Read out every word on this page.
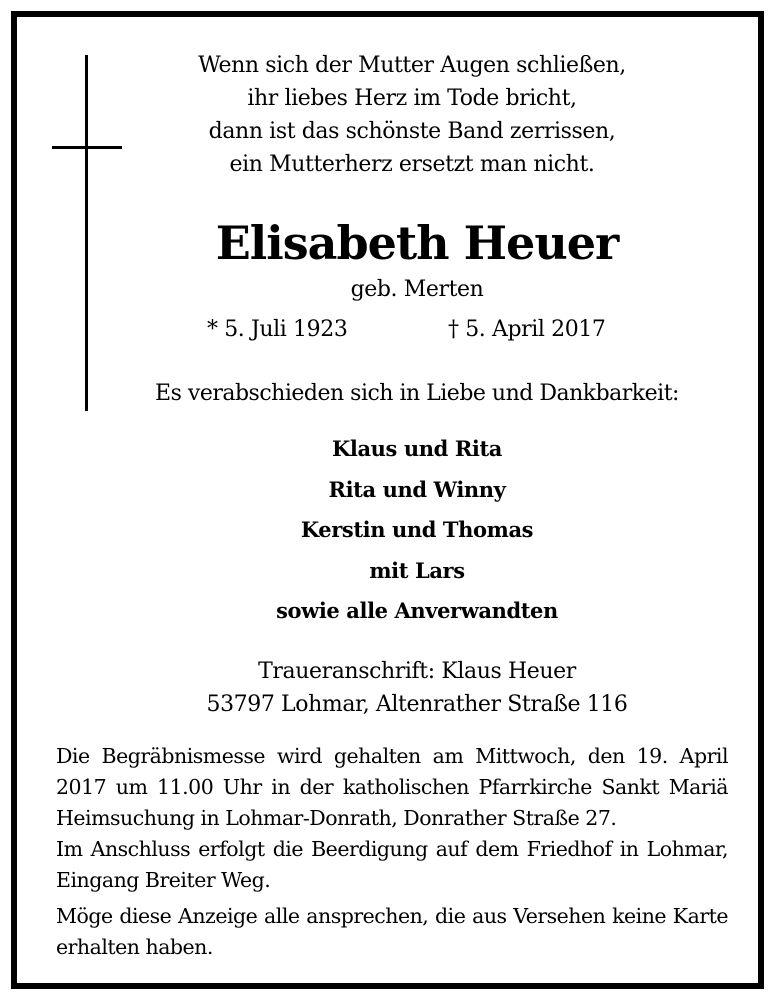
Wenn sich der Mutter Augen schließen,
ihr liebes Herz im Tode bricht,
dann ist das schönste Band zerrissen,
ein Mutterherz ersetzt man nicht.
Elisabeth Heuer
geb. Merten
* 5. Juli 1923	† 5. April 2017
Es verabschieden sich in Liebe und Dankbarkeit:
Klaus und Rita
Rita und Winny
Kerstin und Thomas
mit Lars
sowie alle Anverwandten
Traueranschrift: Klaus Heuer
53797 Lohmar, Altenrather Straße 116

Die Begräbnismesse wird gehalten am Mittwoch, den 19. April 2017 um 11.00 Uhr in der katholischen Pfarrkirche Sankt Mariä Heimsuchung in Lohmar-Donrath, Donrather Straße 27.

Im Anschluss erfolgt die Beerdigung auf dem Friedhof in Lohmar, Eingang Breiter Weg.

Möge diese Anzeige alle ansprechen, die aus Versehen keine Karte erhalten haben.
